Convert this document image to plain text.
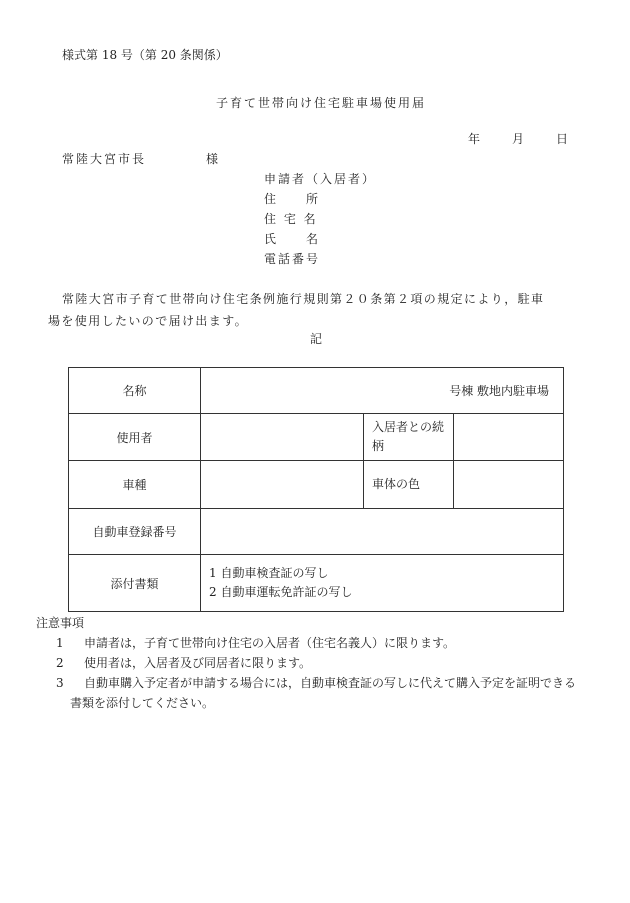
様式第 18 号（第 20 条関係）
子育て世帯向け住宅駐車場使用届
年	月	日
常陸大宮市長	様
申請者（入居者）
住　　所
住 宅 名
氏　　名
電話番号
常陸大宮市子育て世帯向け住宅条例施行規則第２０条第２項の規定により，駐車
場を使用したいので届け出ます。
記
名称	号棟 敷地内駐車場		
使用者		入居者との続
柄	
車種		車体の色	
自動車登録番号			
添付書類	1 自動車検査証の写し
2 自動車運転免許証の写し		
注意事項
1 申請者は，子育て世帯向け住宅の入居者（住宅名義人）に限ります。
2 使用者は，入居者及び同居者に限ります。
3 自動車購入予定者が申請する場合には，自動車検査証の写しに代えて購入予定を証明できる
書類を添付してください。
